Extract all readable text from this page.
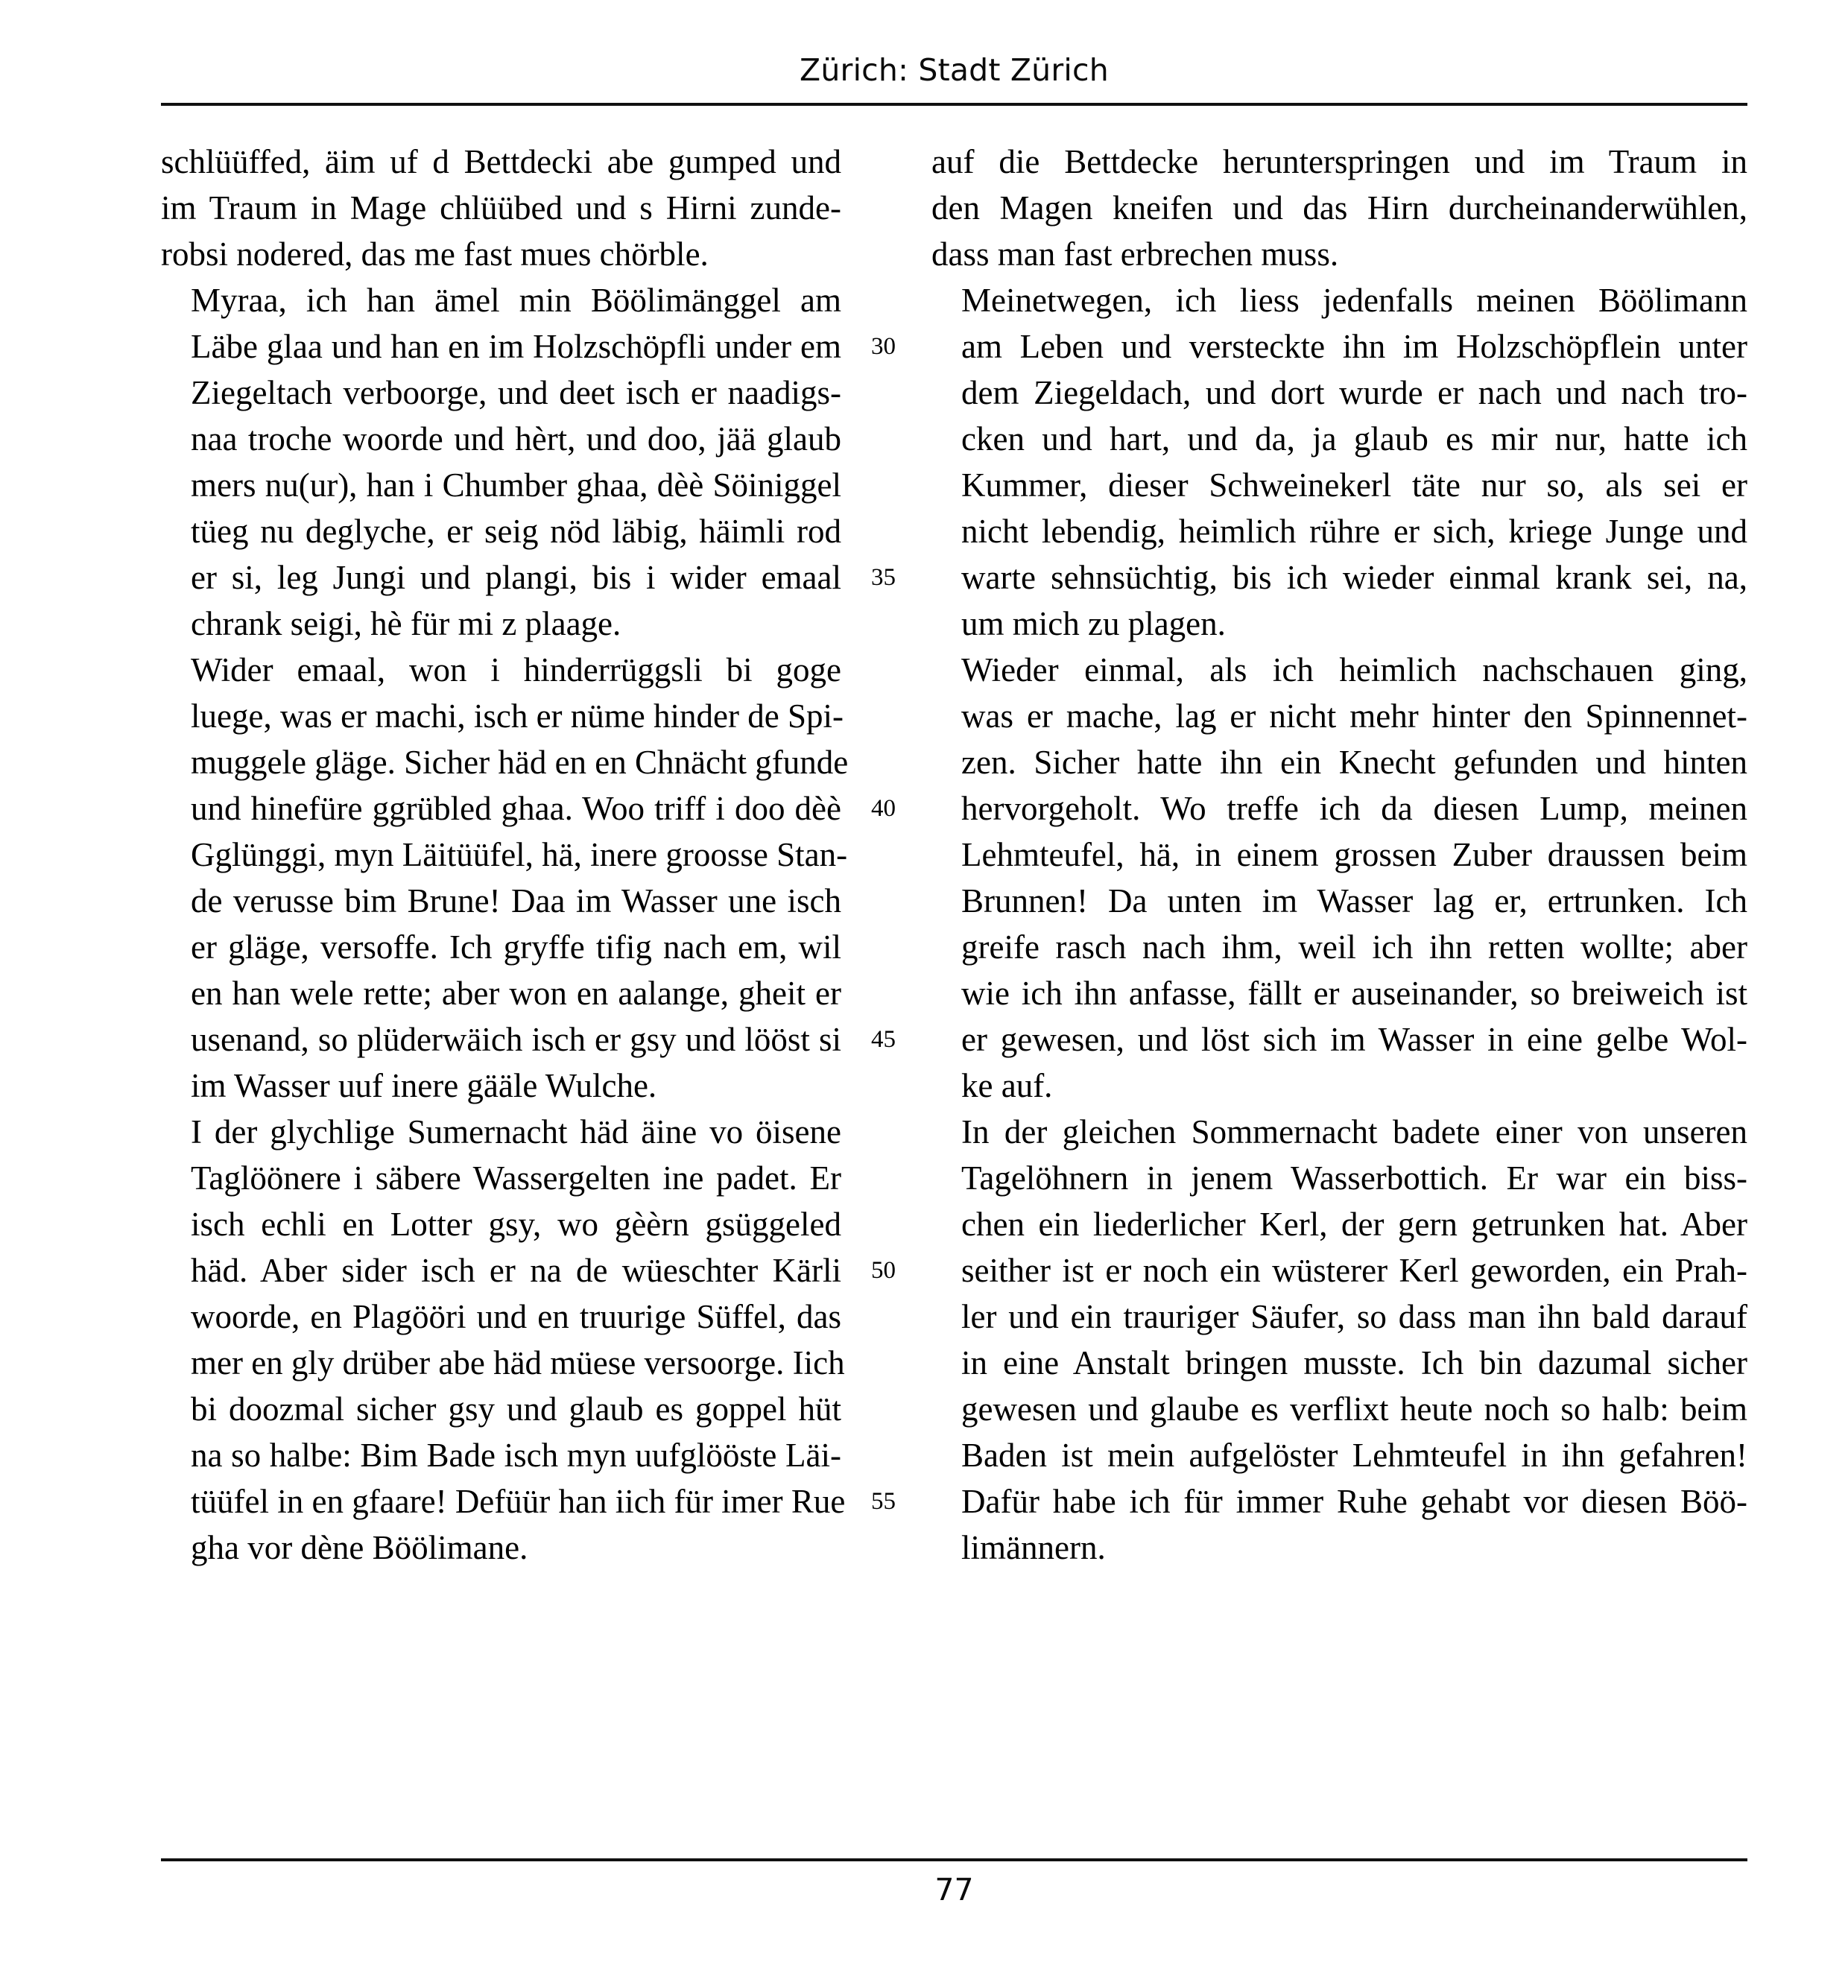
Zürich: Stadt Zürich

schlüüffed, äim uf d Bettdecki abe gumped und
im Traum in Mage chlüübed und s Hirni zunde-
robsi nodered, das me fast mues chörble.

Myraa, ich han ämel min Böölimänggel am
Läbe glaa und han en im Holzschöpfli under em
Ziegeltach verboorge, und deet isch er naadigs-
naa troche woorde und hèrt, und doo, jää glaub
mers nu(ur), han i Chumber ghaa, dèè Söiniggel
tüeg nu deglyche, er seig nöd läbig, häimli rod
er si, leg Jungi und plangi, bis i wider emaal
chrank seigi, hè für mi z plaage.

Wider emaal, won i hinderrüggsli bi goge
luege, was er machi, isch er nüme hinder de Spi-
muggele gläge. Sicher häd en en Chnächt gfunde
und hinefüre ggrübled ghaa. Woo triff i doo dèè
Gglünggi, myn Läitüüfel, hä, inere groosse Stan-
de verusse bim Brune! Daa im Wasser une isch
er gläge, versoffe. Ich gryffe tifig nach em, wil
en han wele rette; aber won en aalange, gheit er
usenand, so plüderwäich isch er gsy und lööst si
im Wasser uuf inere gääle Wulche.

I der glychlige Sumernacht häd äine vo öisene
Taglöönere i säbere Wassergelten ine padet. Er
isch echli en Lotter gsy, wo gèèrn gsüggeled
häd. Aber sider isch er na de wüeschter Kärli
woorde, en Plagööri und en truurige Süffel, das
mer en gly drüber abe häd müese versoorge. Iich
bi doozmal sicher gsy und glaub es goppel hüt
na so halbe: Bim Bade isch myn uufglööste Läi-
tüüfel in en gfaare! Defüür han iich für imer Rue
gha vor dène Böölimane.

auf die Bettdecke herunterspringen und im Traum in
den Magen kneifen und das Hirn durcheinanderwühlen,
dass man fast erbrechen muss.

Meinetwegen, ich liess jedenfalls meinen Böölimann
am Leben und versteckte ihn im Holzschöpflein unter
dem Ziegeldach, und dort wurde er nach und nach tro-
cken und hart, und da, ja glaub es mir nur, hatte ich
Kummer, dieser Schweinekerl täte nur so, als sei er
nicht lebendig, heimlich rühre er sich, kriege Junge und
warte sehnsüchtig, bis ich wieder einmal krank sei, na,
um mich zu plagen.

Wieder einmal, als ich heimlich nachschauen ging,
was er mache, lag er nicht mehr hinter den Spinnennet-
zen. Sicher hatte ihn ein Knecht gefunden und hinten
hervorgeholt. Wo treffe ich da diesen Lump, meinen
Lehmteufel, hä, in einem grossen Zuber draussen beim
Brunnen! Da unten im Wasser lag er, ertrunken. Ich
greife rasch nach ihm, weil ich ihn retten wollte; aber
wie ich ihn anfasse, fällt er auseinander, so breiweich ist
er gewesen, und löst sich im Wasser in eine gelbe Wol-
ke auf.

In der gleichen Sommernacht badete einer von unseren
Tagelöhnern in jenem Wasserbottich. Er war ein biss-
chen ein liederlicher Kerl, der gern getrunken hat. Aber
seither ist er noch ein wüsterer Kerl geworden, ein Prah-
ler und ein trauriger Säufer, so dass man ihn bald darauf
in eine Anstalt bringen musste. Ich bin dazumal sicher
gewesen und glaube es verflixt heute noch so halb: beim
Baden ist mein aufgelöster Lehmteufel in ihn gefahren!
Dafür habe ich für immer Ruhe gehabt vor diesen Böö-
limännern.

30
35
40
45
50
55
77
